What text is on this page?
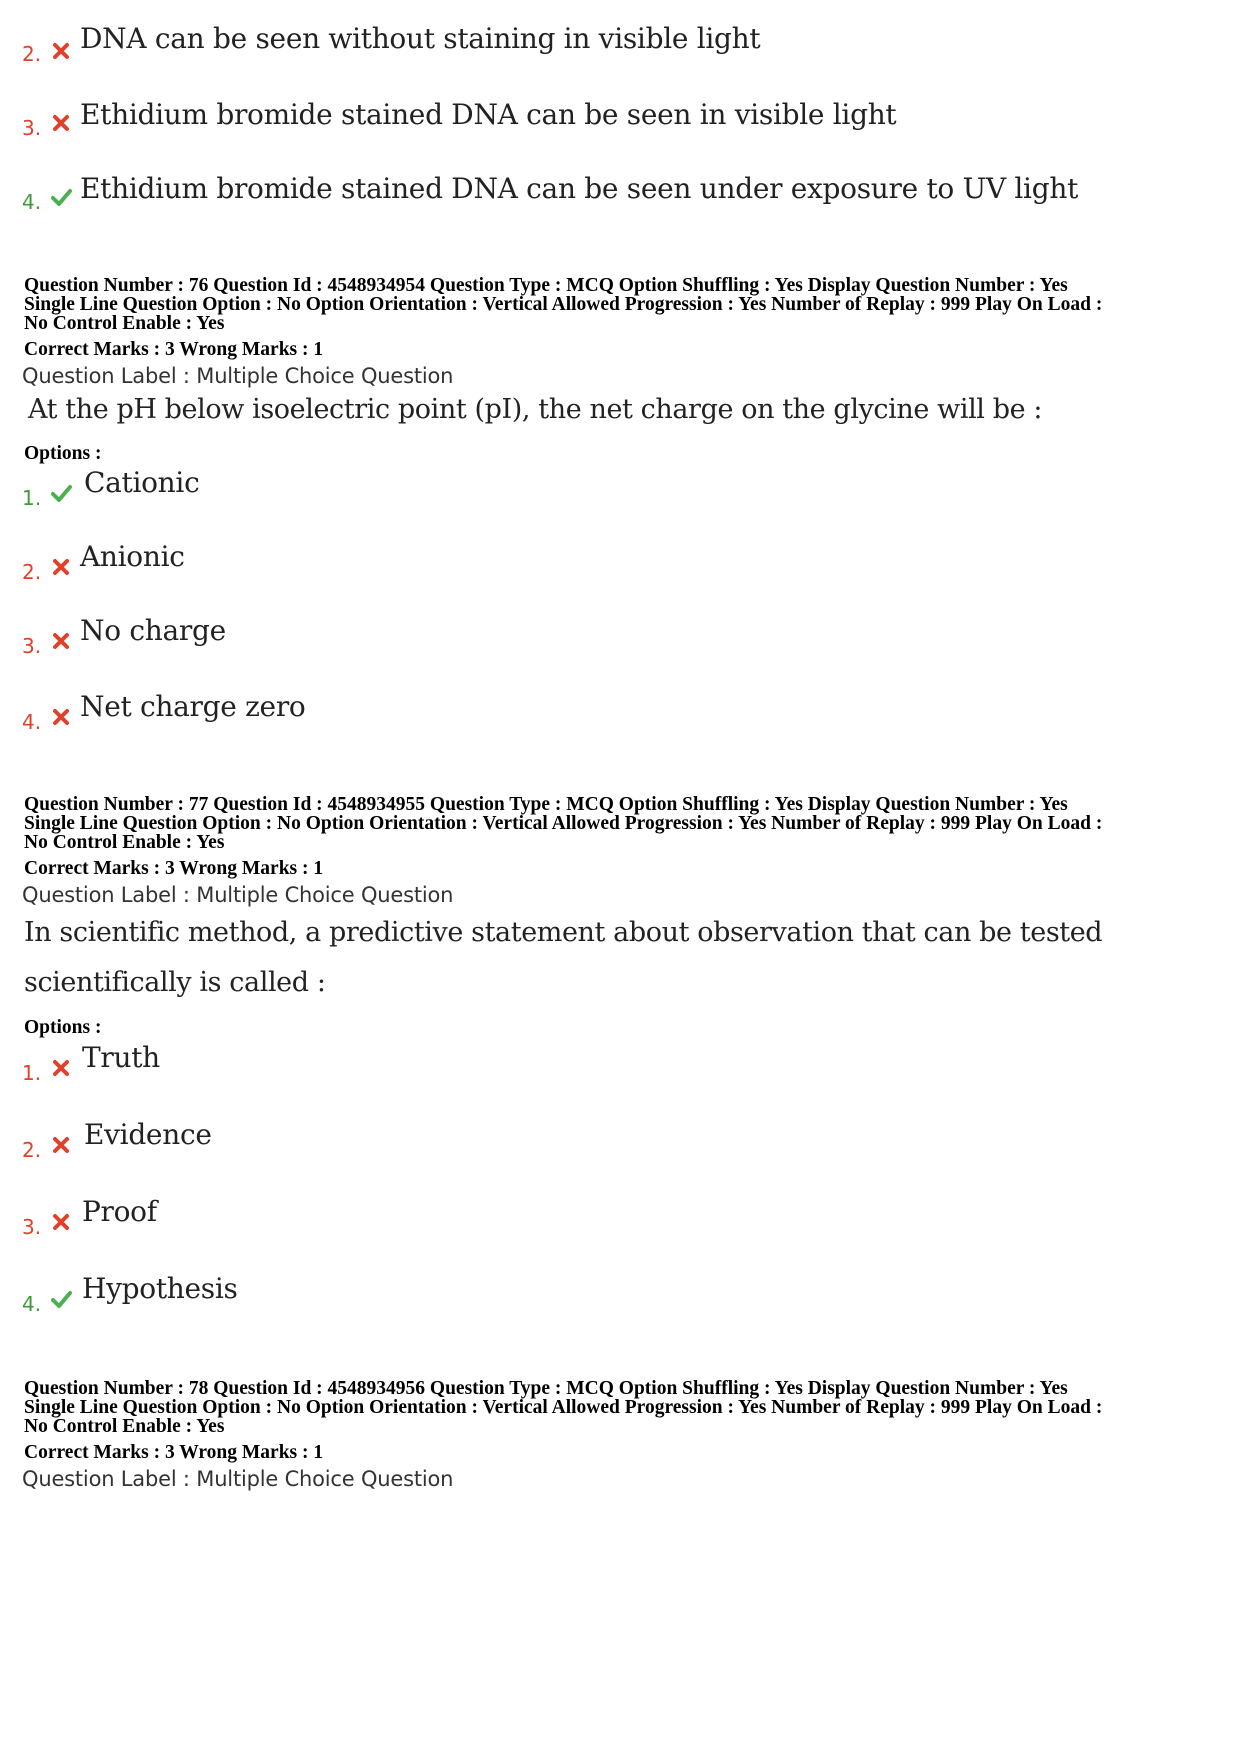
2. DNA can be seen without staining in visible light
3. Ethidium bromide stained DNA can be seen in visible light
4. Ethidium bromide stained DNA can be seen under exposure to UV light
Question Number : 76 Question Id : 4548934954 Question Type : MCQ Option Shuffling : Yes Display Question Number : Yes
Single Line Question Option : No Option Orientation : Vertical Allowed Progression : Yes Number of Replay : 999 Play On Load :
No Control Enable : Yes
Correct Marks : 3 Wrong Marks : 1
Question Label : Multiple Choice Question
At the pH below isoelectric point (pI), the net charge on the glycine will be :
Options :
1. Cationic
2. Anionic
3. No charge
4. Net charge zero
Question Number : 77 Question Id : 4548934955 Question Type : MCQ Option Shuffling : Yes Display Question Number : Yes
Single Line Question Option : No Option Orientation : Vertical Allowed Progression : Yes Number of Replay : 999 Play On Load :
No Control Enable : Yes
Correct Marks : 3 Wrong Marks : 1
Question Label : Multiple Choice Question
In scientific method, a predictive statement about observation that can be tested
scientifically is called :
Options :
1. Truth
2. Evidence
3. Proof
4. Hypothesis
Question Number : 78 Question Id : 4548934956 Question Type : MCQ Option Shuffling : Yes Display Question Number : Yes
Single Line Question Option : No Option Orientation : Vertical Allowed Progression : Yes Number of Replay : 999 Play On Load :
No Control Enable : Yes
Correct Marks : 3 Wrong Marks : 1
Question Label : Multiple Choice Question
